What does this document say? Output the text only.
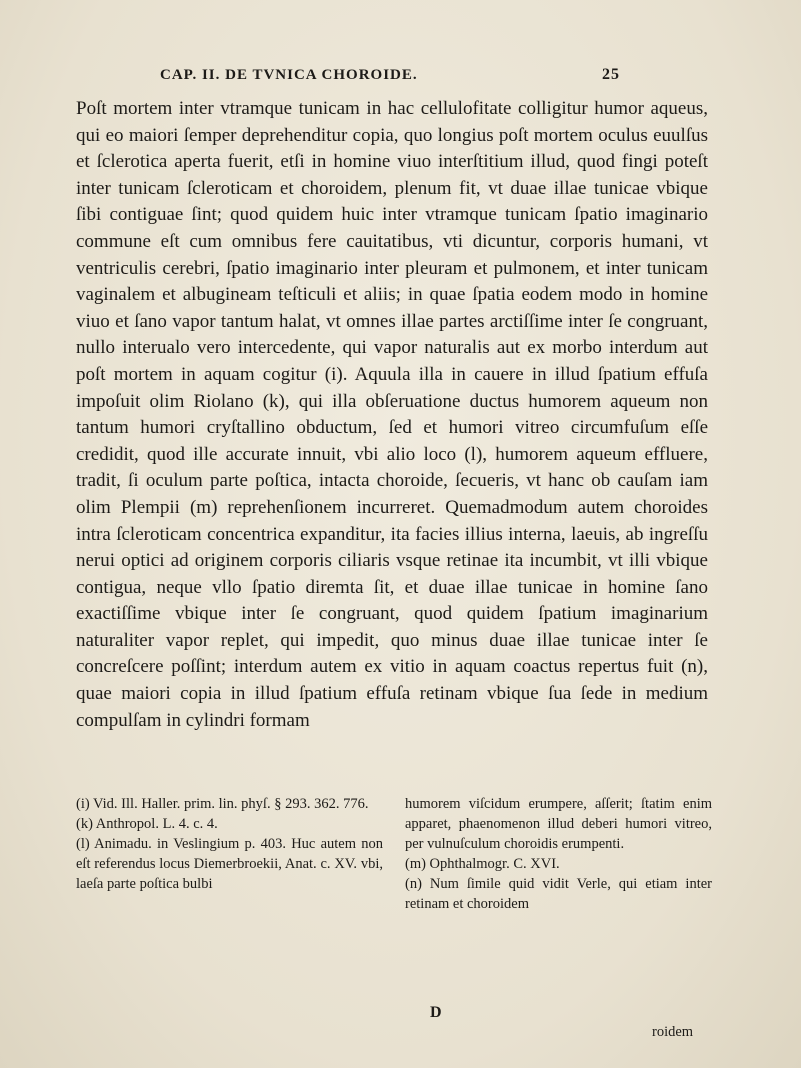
CAP. II. DE TVNICA CHOROIDE.	25

Poſt mortem inter vtramque tunicam in hac cellulofitate colligitur humor aqueus, qui eo maiori ſemper deprehenditur copia, quo longius poſt mortem oculus euulſus et ſclerotica aperta fuerit, etſi in homine viuo interſtitium illud, quod fingi poteſt inter tunicam ſcleroticam et choroidem, plenum fit, vt duae illae tunicae vbique ſibi contiguae ſint; quod quidem huic inter vtramque tunicam ſpatio imaginario commune eſt cum omnibus fere cauitatibus, vti dicuntur, corporis humani, vt ventriculis cerebri, ſpatio imaginario inter pleuram et pulmonem, et inter tunicam vaginalem et albugineam teſticuli et aliis; in quae ſpatia eodem modo in homine viuo et ſano vapor tantum halat, vt omnes illae partes arctiſſime inter ſe congruant, nullo interualo vero intercedente, qui vapor naturalis aut ex morbo interdum aut poſt mortem in aquam cogitur (i). Aquula illa in cauere in illud ſpatium effuſa impoſuit olim Riolano (k), qui illa obſeruatione ductus humorem aqueum non tantum humori cryſtallino obductum, ſed et humori vitreo circumfuſum eſſe credidit, quod ille accurate innuit, vbi alio loco (l), humorem aqueum effluere, tradit, ſi oculum parte poſtica, intacta choroide, ſecueris, vt hanc ob cauſam iam olim Plempii (m) reprehenſionem incurreret. Quemadmodum autem choroides intra ſcleroticam concentrica expanditur, ita facies illius interna, laeuis, ab ingreſſu nerui optici ad originem corporis ciliaris vsque retinae ita incumbit, vt illi vbique contigua, neque vllo ſpatio diremta ſit, et duae illae tunicae in homine ſano exactiſſime vbique inter ſe congruant, quod quidem ſpatium imaginarium naturaliter vapor replet, qui impedit, quo minus duae illae tunicae inter ſe concreſcere poſſint; interdum autem ex vitio in aquam coactus repertus fuit (n), quae maiori copia in illud ſpatium effuſa retinam vbique ſua ſede in medium compulſam in cylindri formam

(i) Vid. Ill. Haller. prim. lin. phyſ. § 293. 362. 776.
(k) Anthropol. L. 4. c. 4.
(l) Animadu. in Veslingium p. 403. Huc autem non eſt referendus locus Diemerbroekii, Anat. c. XV. vbi, laeſa parte poſtica bulbi
humorem viſcidum erumpere, aſſerit; ſtatim enim apparet, phaenomenon illud deberi humori vitreo, per vulnuſculum choroidis erumpenti.
(m) Ophthalmogr. C. XVI.
(n) Num ſimile quid vidit Verle, qui etiam inter retinam et choroidem
D
roidem
